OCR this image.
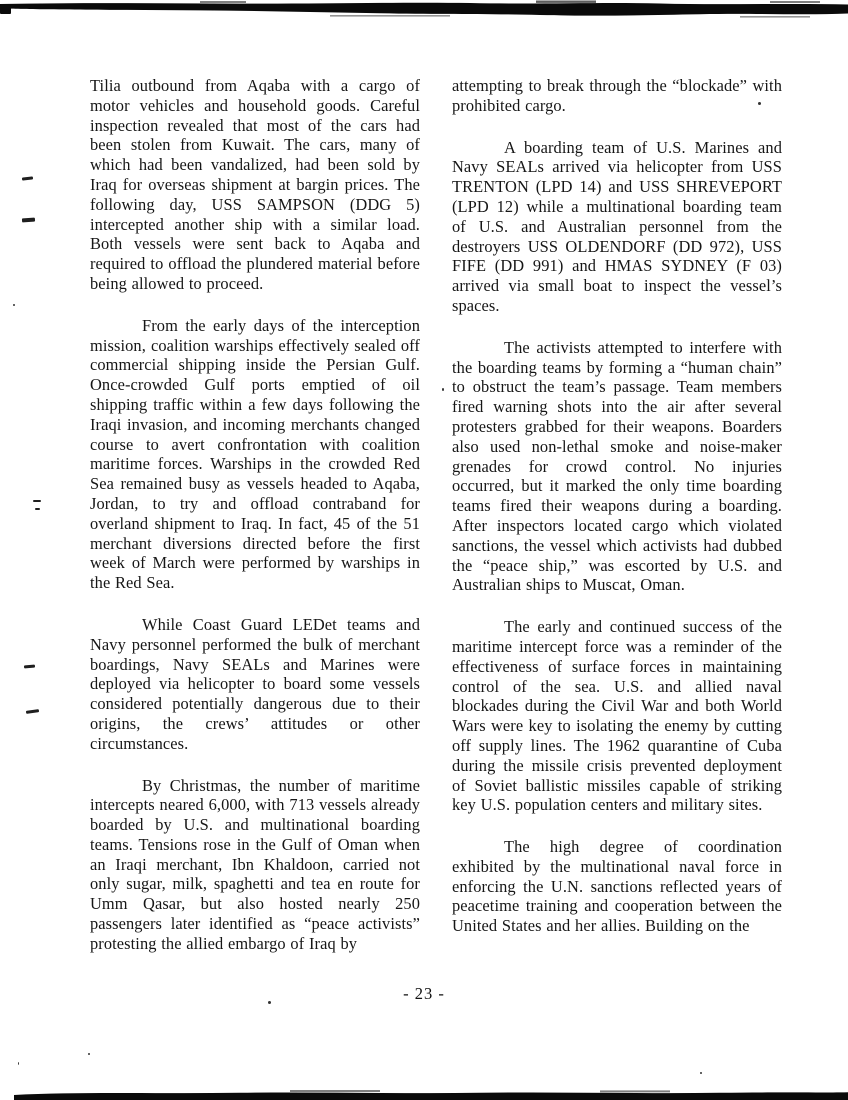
Tilia outbound from Aqaba with a cargo of motor vehicles and household goods. Careful inspection revealed that most of the cars had been stolen from Kuwait. The cars, many of which had been vandalized, had been sold by Iraq for overseas shipment at bargin prices. The following day, USS SAMPSON (DDG 5) intercepted another ship with a similar load. Both vessels were sent back to Aqaba and required to offload the plundered material before being allowed to proceed.

From the early days of the interception mission, coalition warships effectively sealed off commercial shipping inside the Persian Gulf. Once-crowded Gulf ports emptied of oil shipping traffic within a few days following the Iraqi invasion, and incoming merchants changed course to avert confrontation with coalition maritime forces. Warships in the crowded Red Sea remained busy as vessels headed to Aqaba, Jordan, to try and offload contraband for overland shipment to Iraq. In fact, 45 of the 51 merchant diversions directed before the first week of March were performed by warships in the Red Sea.

While Coast Guard LEDet teams and Navy personnel performed the bulk of merchant boardings, Navy SEALs and Marines were deployed via helicopter to board some vessels considered potentially dangerous due to their origins, the crews’ attitudes or other circumstances.

By Christmas, the number of maritime intercepts neared 6,000, with 713 vessels already boarded by U.S. and multinational boarding teams. Tensions rose in the Gulf of Oman when an Iraqi merchant, Ibn Khaldoon, carried not only sugar, milk, spaghetti and tea en route for Umm Qasar, but also hosted nearly 250 passengers later identified as “peace activists” protesting the allied embargo of Iraq by

attempting to break through the “blockade” with prohibited cargo.

A boarding team of U.S. Marines and Navy SEALs arrived via helicopter from USS TRENTON (LPD 14) and USS SHREVEPORT (LPD 12) while a multinational boarding team of U.S. and Australian personnel from the destroyers USS OLDENDORF (DD 972), USS FIFE (DD 991) and HMAS SYDNEY (F 03) arrived via small boat to inspect the vessel’s spaces.

The activists attempted to interfere with the boarding teams by forming a “human chain” to obstruct the team’s passage. Team members fired warning shots into the air after several protesters grabbed for their weapons. Boarders also used non-lethal smoke and noise-maker grenades for crowd control. No injuries occurred, but it marked the only time boarding teams fired their weapons during a boarding. After inspectors located cargo which violated sanctions, the vessel which activists had dubbed the “peace ship,” was escorted by U.S. and Australian ships to Muscat, Oman.

The early and continued success of the maritime intercept force was a reminder of the effectiveness of surface forces in maintaining control of the sea. U.S. and allied naval blockades during the Civil War and both World Wars were key to isolating the enemy by cutting off supply lines. The 1962 quarantine of Cuba during the missile crisis prevented deployment of Soviet ballistic missiles capable of striking key U.S. population centers and military sites.

The high degree of coordination exhibited by the multinational naval force in enforcing the U.N. sanctions reflected years of peacetime training and cooperation between the United States and her allies. Building on the

- 23 -
